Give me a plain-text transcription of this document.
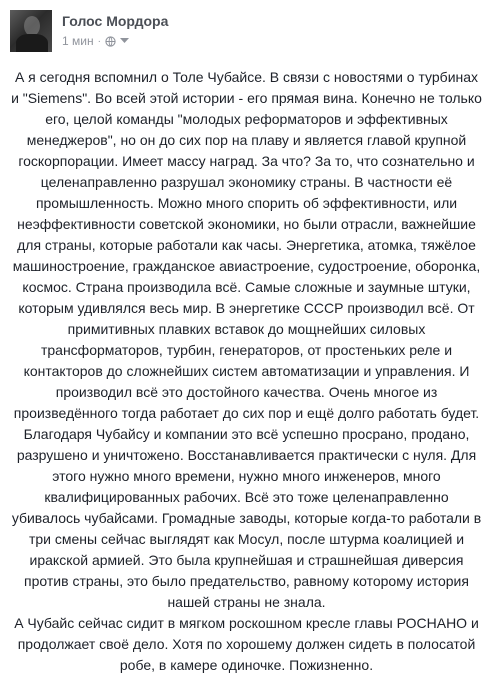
Голос Мордора
1 мин ·

А я сегодня вспомнил о Толе Чубайсе. В связи с новостями о турбинах и "Siemens". Во всей этой истории - его прямая вина. Конечно не только его, целой команды "молодых реформаторов и эффективных менеджеров", но он до сих пор на плаву и является главой крупной госкорпорации. Имеет массу наград. За что? За то, что сознательно и целенаправленно разрушал экономику страны. В частности её промышленность. Можно много спорить об эффективности, или неэффективности советской экономики, но были отрасли, важнейшие для страны, которые работали как часы. Энергетика, атомка, тяжёлое машиностроение, гражданское авиастроение, судостроение, оборонка, космос. Страна производила всё. Самые сложные и заумные штуки, которым удивлялся весь мир. В энергетике СССР производил всё. От примитивных плавких вставок до мощнейших силовых трансформаторов, турбин, генераторов, от простеньких реле и контакторов до сложнейших систем автоматизации и управления. И производил всё это достойного качества. Очень многое из произведённого тогда работает до сих пор и ещё долго работать будет. Благодаря Чубайсу и компании это всё успешно просрано, продано, разрушено и уничтожено. Восстанавливается практически с нуля. Для этого нужно много времени, нужно много инженеров, много квалифицированных рабочих. Всё это тоже целенаправленно убивалось чубайсами. Громадные заводы, которые когда-то работали в три смены сейчас выглядят как Мосул, после штурма коалицией и иракской армией. Это была крупнейшая и страшнейшая диверсия против страны, это было предательство, равному которому история нашей страны не знала.

А Чубайс сейчас сидит в мягком роскошном кресле главы РОСНАНО и продолжает своё дело. Хотя по хорошему должен сидеть в полосатой робе, в камере одиночке. Пожизненно.
